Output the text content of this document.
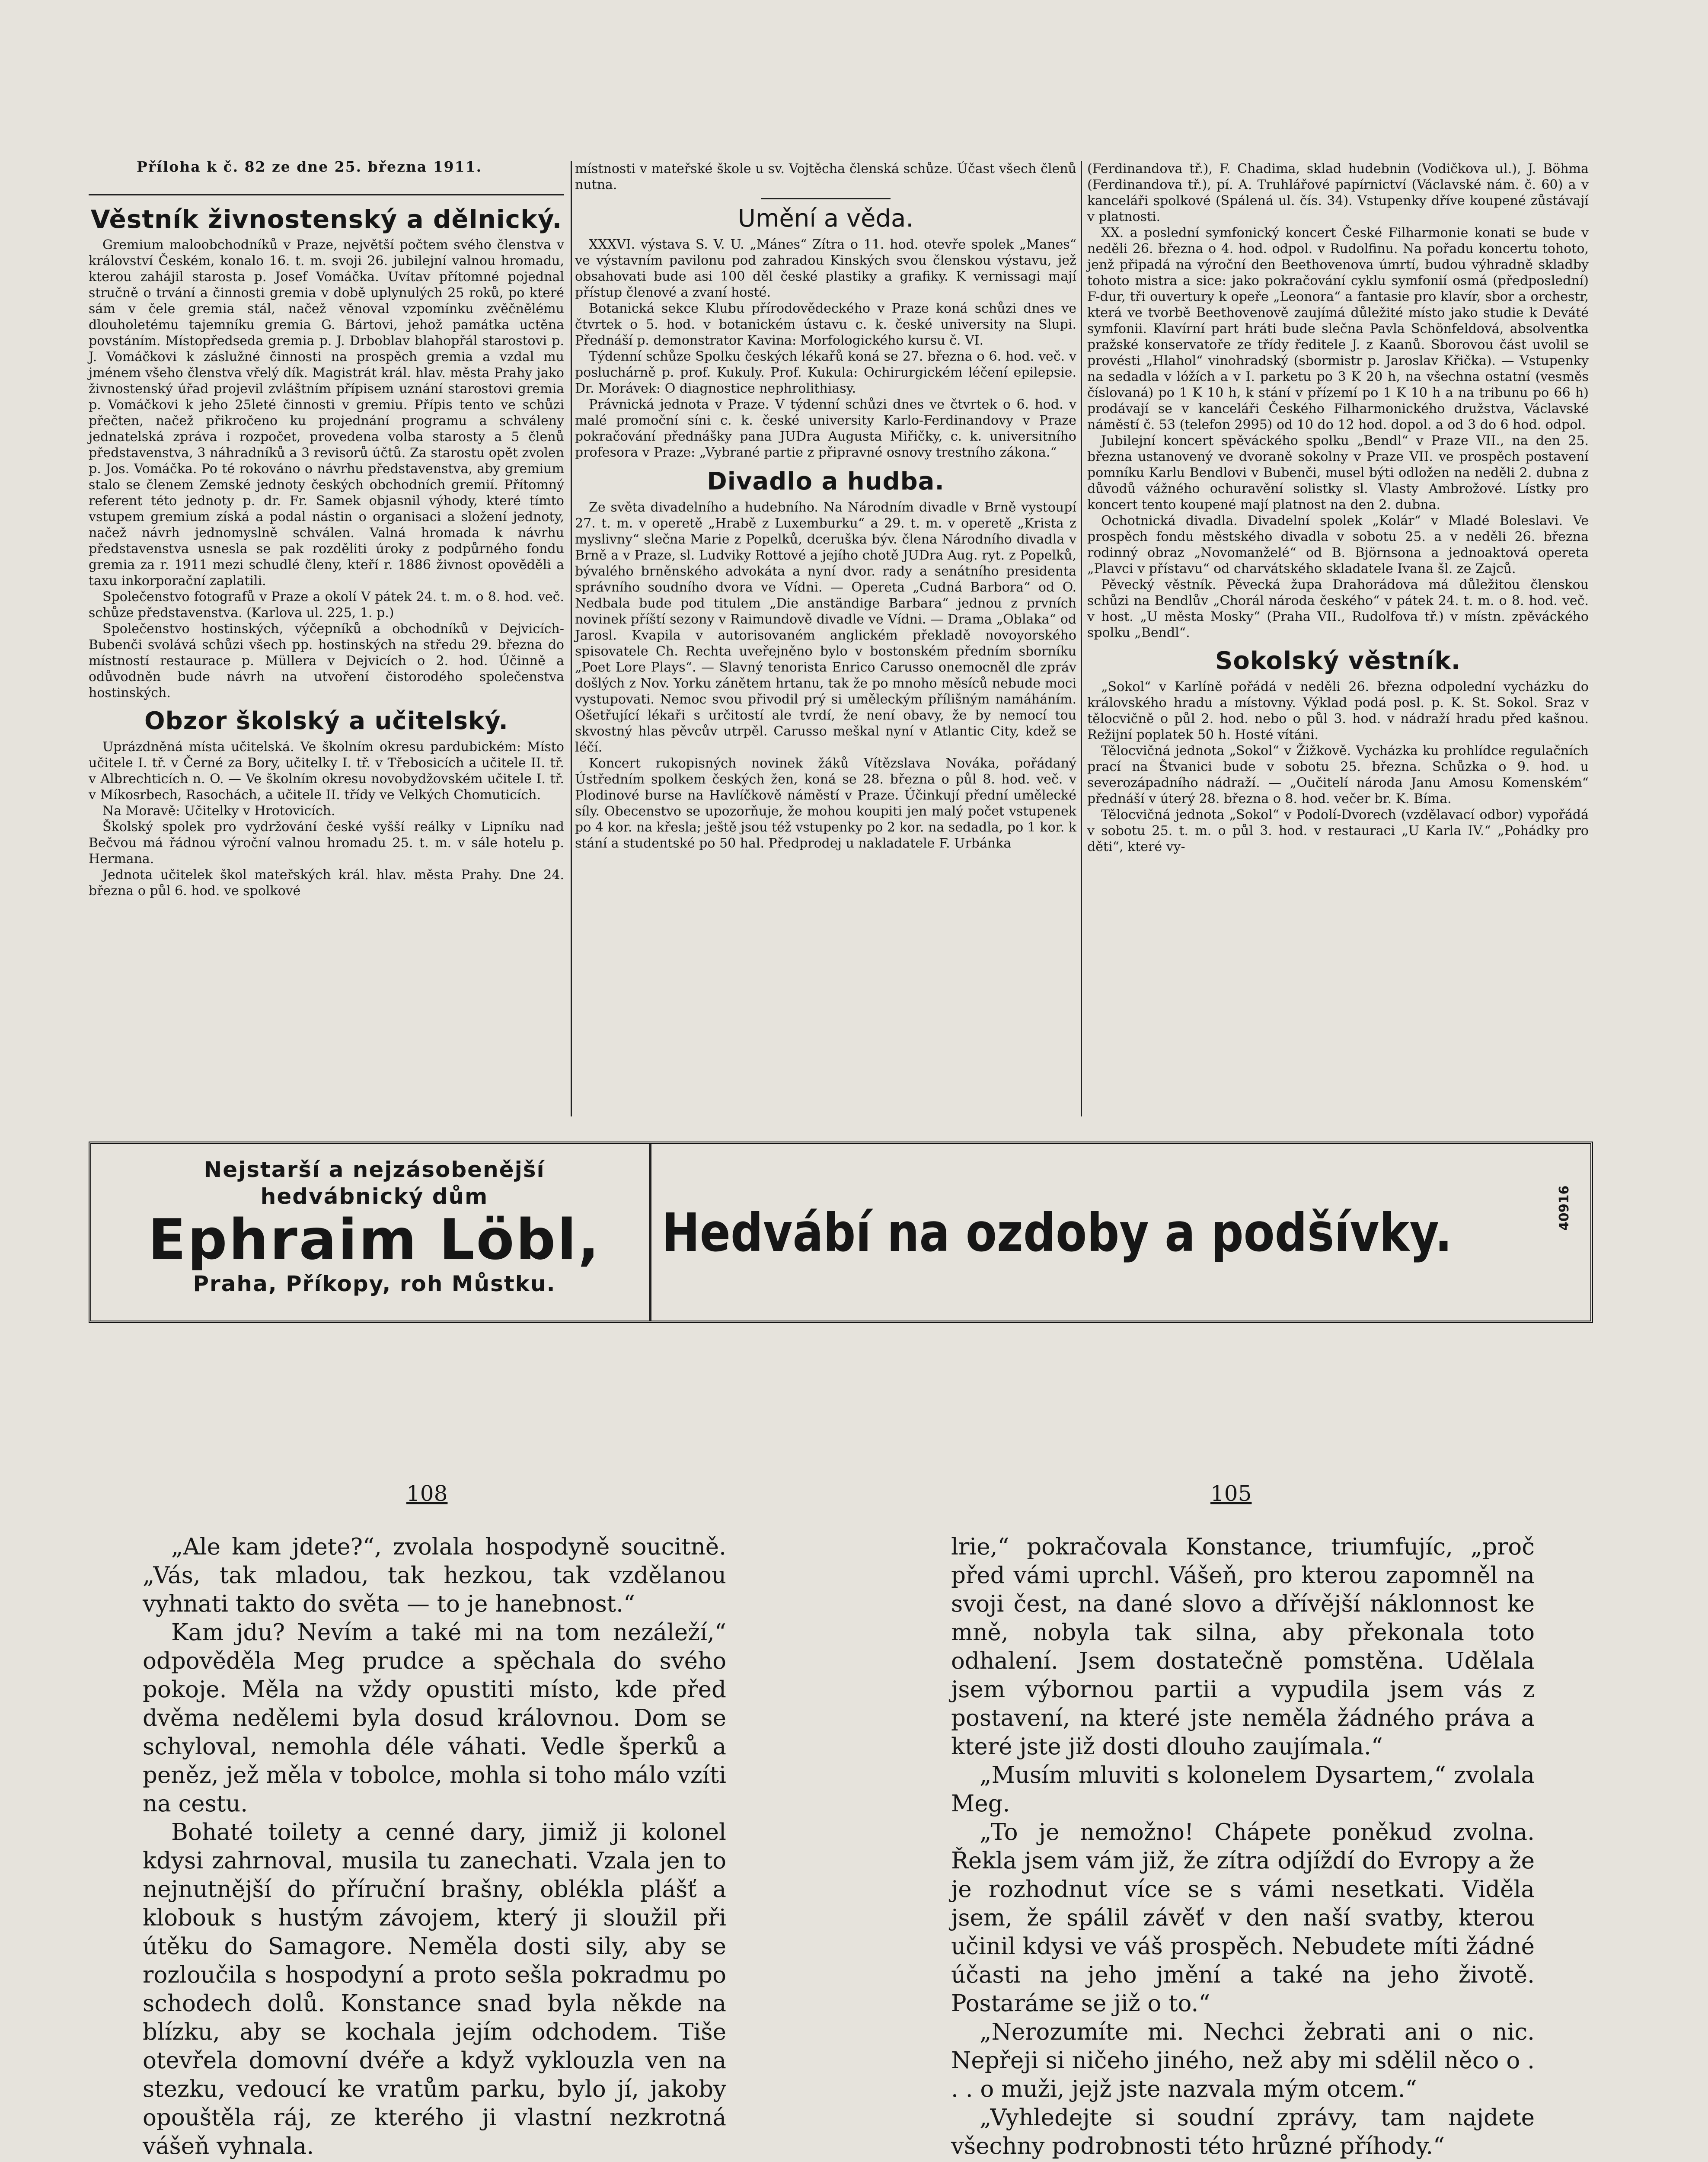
Příloha k č. 82 ze dne 25. března 1911.
Věstník živnostenský a dělnický.

Gremium maloobchodníků v Praze, největší počtem svého členstva v království Českém, konalo 16. t. m. svoji 26. jubilejní valnou hromadu, kterou zahájil starosta p. Josef Vomáčka. Uvítav přítomné pojednal stručně o trvání a činnosti gremia v době uplynulých 25 roků, po které sám v čele gremia stál, načež věnoval vzpomínku zvěčnělému dlouholetému tajemníku gremia G. Bártovi, jehož památka uctěna povstáním. Místopředseda gremia p. J. Drboblav blahopřál starostovi p. J. Vomáčkovi k záslužné činnosti na prospěch gremia a vzdal mu jménem všeho členstva vřelý dík. Magistrát král. hlav. města Prahy jako živnostenský úřad projevil zvláštním přípisem uznání starostovi gremia p. Vomáčkovi k jeho 25leté činnosti v gremiu. Přípis tento ve schůzi přečten, načež přikročeno ku projednání programu a schváleny jednatelská zpráva i rozpočet, provedena volba starosty a 5 členů představenstva, 3 náhradníků a 3 revisorů účtů. Za starostu opět zvolen p. Jos. Vomáčka. Po té rokováno o návrhu představenstva, aby gremium stalo se členem Zemské jednoty českých obchodních gremií. Přítomný referent této jednoty p. dr. Fr. Samek objasnil výhody, které tímto vstupem gremium získá a podal nástin o organisaci a složení jednoty, načež návrh jednomyslně schválen. Valná hromada k návrhu představenstva usnesla se pak rozděliti úroky z podpůrného fondu gremia za r. 1911 mezi schudlé členy, kteří r. 1886 živnost opověděli a taxu inkorporační zaplatili.

Společenstvo fotografů v Praze a okolí V pátek 24. t. m. o 8. hod. več. schůze představenstva. (Karlova ul. 225, 1. p.)

Společenstvo hostinských, výčepníků a obchodníků v Dejvicích-Bubenči svolává schůzi všech pp. hostinských na středu 29. března do místností restaurace p. Müllera v Dejvicích o 2. hod. Účinně a odůvodněn bude návrh na utvoření čistorodého společenstva hostinských.

Obzor školský a učitelský.

Uprázdněná místa učitelská. Ve školním okresu pardubickém: Místo učitele I. tř. v Černé za Bory, učitelky I. tř. v Třebosicích a učitele II. tř. v Albrechticích n. O. — Ve školním okresu novobydžovském učitele I. tř. v Míkosrbech, Rasochách, a učitele II. třídy ve Velkých Chomuticích.

Na Moravě: Učitelky v Hrotovicích.

Školský spolek pro vydržování české vyšší reálky v Lipníku nad Bečvou má řádnou výroční valnou hromadu 25. t. m. v sále hotelu p. Hermana.

Jednota učitelek škol mateřských král. hlav. města Prahy. Dne 24. března o půl 6. hod. ve spolkové

místnosti v mateřské škole u sv. Vojtěcha členská schůze. Účast všech členů nutna.

Umění a věda.

XXXVI. výstava S. V. U. „Mánes“ Zítra o 11. hod. otevře spolek „Manes“ ve výstavním pavilonu pod zahradou Kinských svou členskou výstavu, jež obsahovati bude asi 100 děl české plastiky a grafiky. K vernissagi mají přístup členové a zvaní hosté.

Botanická sekce Klubu přírodovědeckého v Praze koná schůzi dnes ve čtvrtek o 5. hod. v botanickém ústavu c. k. české university na Slupi. Přednáší p. demonstrator Kavina: Morfologického kursu č. VI.

Týdenní schůze Spolku českých lékařů koná se 27. března o 6. hod. več. v posluchárně p. prof. Kukuly. Prof. Kukula: Ochirurgickém léčení epilepsie. Dr. Morávek: O diagnostice nephrolithiasy.

Právnická jednota v Praze. V týdenní schůzi dnes ve čtvrtek o 6. hod. v malé promoční síni c. k. české university Karlo-Ferdinandovy v Praze pokračování přednášky pana JUDra Augusta Miřičky, c. k. universitního profesora v Praze: „Vybrané partie z připravné osnovy trestního zákona.“

Divadlo a hudba.

Ze světa divadelního a hudebního. Na Národním divadle v Brně vystoupí 27. t. m. v operetě „Hrabě z Luxemburku“ a 29. t. m. v operetě „Krista z myslivny“ slečna Marie z Popelků, dceruška býv. člena Národního divadla v Brně a v Praze, sl. Ludviky Rottové a jejího chotě JUDra Aug. ryt. z Popelků, bývalého brněnského advokáta a nyní dvor. rady a senátního presidenta správního soudního dvora ve Vídni. — Opereta „Cudná Barbora“ od O. Nedbala bude pod titulem „Die anständige Barbara“ jednou z prvních novinek příští sezony v Raimundově divadle ve Vídni. — Drama „Oblaka“ od Jarosl. Kvapila v autorisovaném anglickém překladě novoyorského spisovatele Ch. Rechta uveřejněno bylo v bostonském předním sborníku „Poet Lore Plays“. — Slavný tenorista Enrico Carusso onemocněl dle zpráv došlých z Nov. Yorku zánětem hrtanu, tak že po mnoho měsíců nebude moci vystupovati. Nemoc svou přivodil prý si uměleckým přílišným namáháním. Ošetřující lékaři s určitostí ale tvrdí, že není obavy, že by nemocí tou skvostný hlas pěvcův utrpěl. Carusso meškal nyní v Atlantic City, kdež se léčí.

Koncert rukopisných novinek žáků Vítězslava Nováka, pořádaný Ústředním spolkem českých žen, koná se 28. března o půl 8. hod. več. v Plodinové burse na Havlíčkově náměstí v Praze. Účinkují přední umělecké síly. Obecenstvo se upozorňuje, že mohou koupiti jen malý počet vstupenek po 4 kor. na křesla; ještě jsou též vstupenky po 2 kor. na sedadla, po 1 kor. k stání a studentské po 50 hal. Předprodej u nakladatele F. Urbánka

(Ferdinandova tř.), F. Chadima, sklad hudebnin (Vodičkova ul.), J. Böhma (Ferdinandova tř.), pí. A. Truhlářové papírnictví (Václavské nám. č. 60) a v kanceláři spolkové (Spálená ul. čís. 34). Vstupenky dříve koupené zůstávají v platnosti.

XX. a poslední symfonický koncert České Filharmonie konati se bude v neděli 26. března o 4. hod. odpol. v Rudolfinu. Na pořadu koncertu tohoto, jenž připadá na výroční den Beethovenova úmrtí, budou výhradně skladby tohoto mistra a sice: jako pokračování cyklu symfonií osmá (předposlední) F-dur, tři ouvertury k opeře „Leonora“ a fantasie pro klavír, sbor a orchestr, která ve tvorbě Beethovenově zaujímá důležité místo jako studie k Deváté symfonii. Klavírní part hráti bude slečna Pavla Schönfeldová, absolventka pražské konservatoře ze třídy ředitele J. z Kaanů. Sborovou část uvolil se provésti „Hlahol“ vinohradský (sbormistr p. Jaroslav Křička). — Vstupenky na sedadla v lóžích a v I. parketu po 3 K 20 h, na všechna ostatní (vesměs číslovaná) po 1 K 10 h, k stání v přízemí po 1 K 10 h a na tribunu po 66 h) prodávají se v kanceláři Českého Filharmonického družstva, Václavské náměstí č. 53 (telefon 2995) od 10 do 12 hod. dopol. a od 3 do 6 hod. odpol.

Jubilejní koncert spěváckého spolku „Bendl“ v Praze VII., na den 25. března ustanovený ve dvoraně sokolny v Praze VII. ve prospěch postavení pomníku Karlu Bendlovi v Bubenči, musel býti odložen na neděli 2. dubna z důvodů vážného ochuravění solistky sl. Vlasty Ambrožové. Lístky pro koncert tento koupené mají platnost na den 2. dubna.

Ochotnická divadla. Divadelní spolek „Kolár“ v Mladé Boleslavi. Ve prospěch fondu městského divadla v sobotu 25. a v neděli 26. března rodinný obraz „Novomanželé“ od B. Björnsona a jednoaktová opereta „Plavci v přístavu“ od charvátského skladatele Ivana šl. ze Zajců.

Pěvecký věstník. Pěvecká župa Drahorádova má důležitou členskou schůzi na Bendlův „Chorál národa českého“ v pátek 24. t. m. o 8. hod. več. v host. „U města Mosky“ (Praha VII., Rudolfova tř.) v místn. zpěváckého spolku „Bendl“.

Sokolský věstník.

„Sokol“ v Karlíně pořádá v neděli 26. března odpolední vycházku do královského hradu a místovny. Výklad podá posl. p. K. St. Sokol. Sraz v tělocvičně o půl 2. hod. nebo o půl 3. hod. v nádraží hradu před kašnou. Režijní poplatek 50 h. Hosté vítáni.

Tělocvičná jednota „Sokol“ v Žižkově. Vycházka ku prohlídce regulačních prací na Štvanici bude v sobotu 25. března. Schůzka o 9. hod. u severozápadního nádraží. — „Oučitelí národa Janu Amosu Komenském“ přednáší v úterý 28. března o 8. hod. večer br. K. Bíma.

Tělocvičná jednota „Sokol“ v Podolí-Dvorech (vzdělavací odbor) vypořádá v sobotu 25. t. m. o půl 3. hod. v restauraci „U Karla IV.“ „Pohádky pro děti“, které vy-

Nejstarší a nejzásobenější
hedvábnický dům
Ephraim Löbl,
Praha, Příkopy, roh Můstku.
Hedvábí na ozdoby a podšívky.	40916
108

„Ale kam jdete?“, zvolala hospodyně soucitně. „Vás, tak mladou, tak hezkou, tak vzdělanou vyhnati takto do světa — to je hanebnost.“

Kam jdu? Nevím a také mi na tom nezáleží,“ odpověděla Meg prudce a spěchala do svého pokoje. Měla na vždy opustiti místo, kde před dvěma nedělemi byla dosud královnou. Dom se schyloval, nemohla déle váhati. Vedle šperků a peněz, jež měla v tobolce, mohla si toho málo vzíti na cestu.

Bohaté toilety a cenné dary, jimiž ji kolonel kdysi zahrnoval, musila tu zanechati. Vzala jen to nejnutnější do příruční brašny, oblékla plášť a klobouk s hustým závojem, který ji sloužil při útěku do Samagore. Neměla dosti sily, aby se rozloučila s hospodyní a proto sešla pokradmu po schodech dolů. Konstance snad byla někde na blízku, aby se kochala jejím odchodem. Tiše otevřela domovní dvéře a když vyklouzla ven na stezku, vedoucí ke vratům parku, bylo jí, jakoby opouštěla ráj, ze kterého ji vlastní nezkrotná vášeň vyhnala.

105

lrie,“ pokračovala Konstance, triumfujíc, „proč před vámi uprchl. Vášeň, pro kterou zapomněl na svoji čest, na dané slovo a dřívější náklonnost ke mně, nobyla tak silna, aby překonala toto odhalení. Jsem dostatečně pomstěna. Udělala jsem výbornou partii a vypudila jsem vás z postavení, na které jste neměla žádného práva a které jste již dosti dlouho zaujímala.“

„Musím mluviti s kolonelem Dysartem,“ zvolala Meg.

„To je nemožno! Chápete poněkud zvolna. Řekla jsem vám již, že zítra odjíždí do Evropy a že je rozhodnut více se s vámi nesetkati. Viděla jsem, že spálil závěť v den naší svatby, kterou učinil kdysi ve váš prospěch. Nebudete míti žádné účasti na jeho jmění a také na jeho životě. Postaráme se již o to.“

„Nerozumíte mi. Nechci žebrati ani o nic. Nepřeji si ničeho jiného, než aby mi sdělil něco o . . . o muži, jejž jste nazvala mým otcem.“

„Vyhledejte si soudní zprávy, tam najdete všechny podrobnosti této hrůzné příhody.“
